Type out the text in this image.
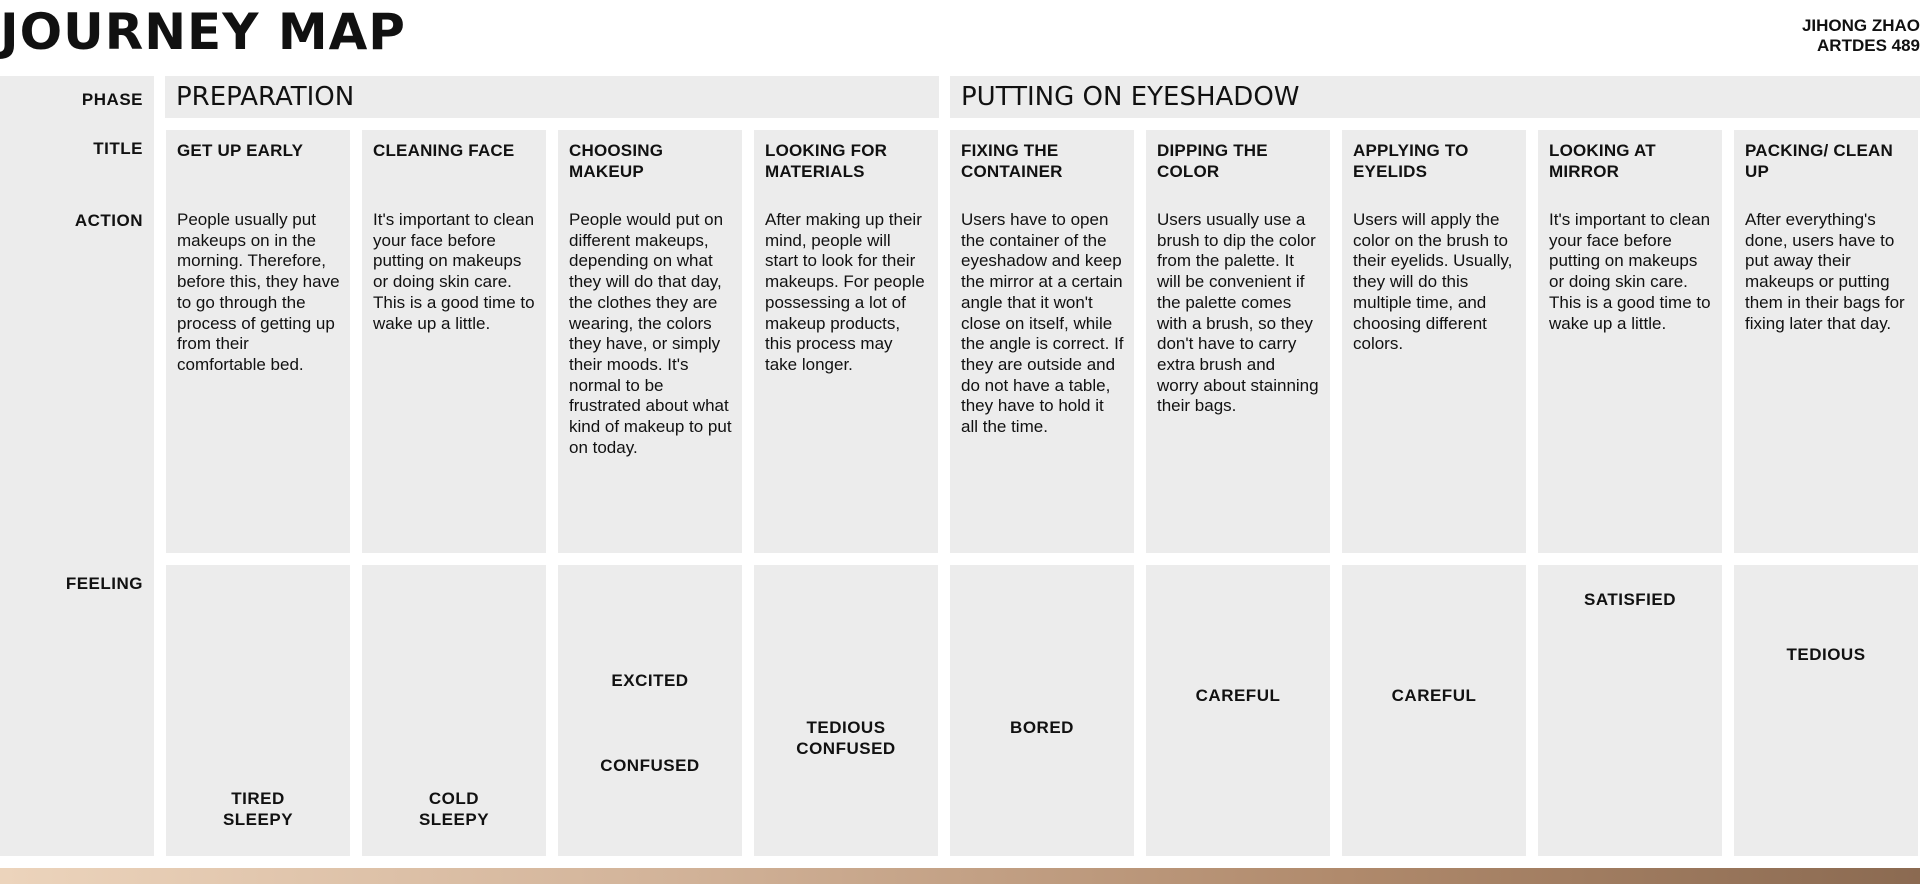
JOURNEY MAP	JIHONG ZHAO
ARTDES 489
PHASE
TITLE
ACTION
FEELING
PREPARATION	PUTTING ON EYESHADOW

GET UP EARLY

People usually put makeups on in the morning. Therefore, before this, they have to go through the process of getting up from their comfortable bed.

TIRED
SLEEPY

CLEANING FACE

It's important to clean your face before putting on makeups or doing skin care. This is a good time to wake up a little.

COLD
SLEEPY

CHOOSING MAKEUP

People would put on different makeups, depending on what they will do that day, the clothes they are wearing, the colors they have, or simply their moods. It's normal to be frustrated about what kind of makeup to put on today.

EXCITED
CONFUSED

LOOKING FOR MATERIALS

After making up their mind, people will start to look for their makeups. For people possessing a lot of makeup products, this process may take longer.

TEDIOUS
CONFUSED

FIXING THE CONTAINER

Users have to open the container of the eyeshadow and keep the mirror at a certain angle that it won't close on itself, while the angle is correct. If they are outside and do not have a table, they have to hold it all the time.

BORED

DIPPING THE COLOR

Users usually use a brush to dip the color from the palette. It will be convenient if the palette comes with a brush, so they don't have to carry extra brush and worry about stainning their bags.

CAREFUL

APPLYING TO EYELIDS

Users will apply the color on the brush to their eyelids. Usually, they will do this multiple time, and choosing different colors.

CAREFUL

LOOKING AT MIRROR

It's important to clean your face before putting on makeups or doing skin care. This is a good time to wake up a little.

SATISFIED

PACKING/ CLEAN UP

After everything's done, users have to put away their makeups or putting them in their bags for fixing later that day.

TEDIOUS
